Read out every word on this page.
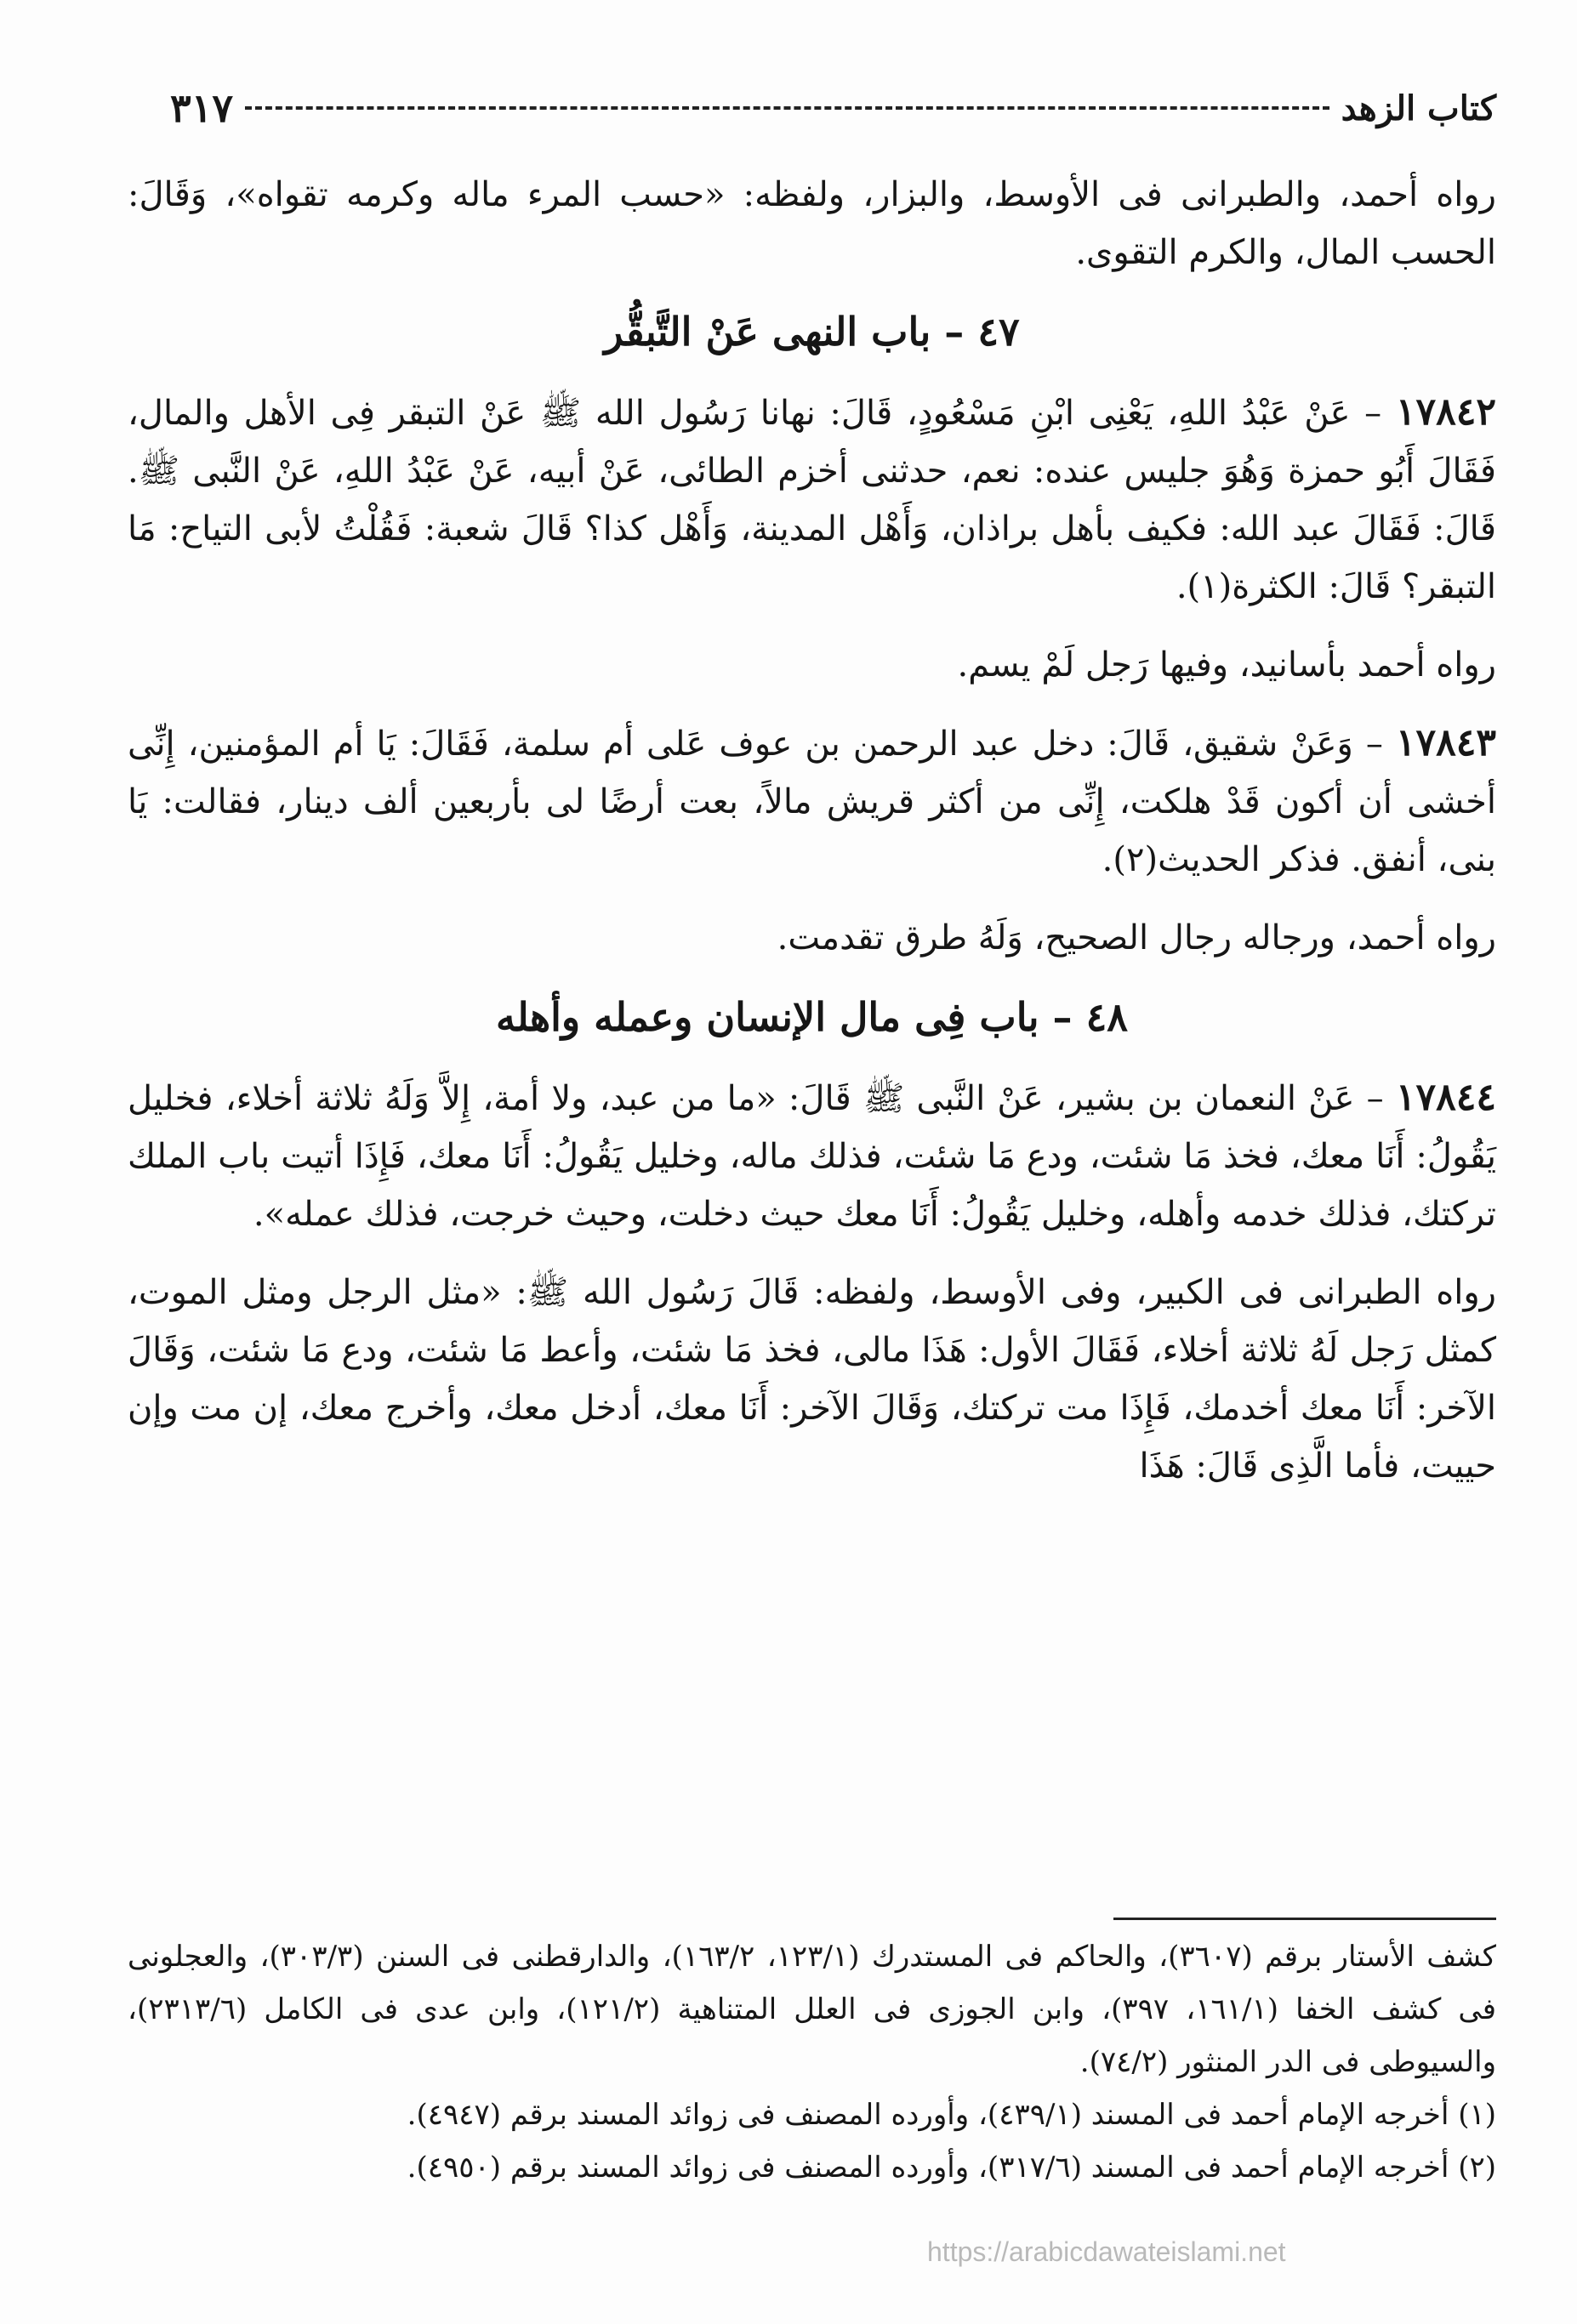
كتاب الزهد
٣١٧

رواه أحمد، والطبرانى فى الأوسط، والبزار، ولفظه: «حسب المرء ماله وكرمه تقواه»، وَقَالَ: الحسب المال، والكرم التقوى.

٤٧ – باب النهى عَنْ التَّبقُّر

١٧٨٤٢ – عَنْ عَبْدُ اللهِ، يَعْنِى ابْنِ مَسْعُودٍ، قَالَ: نهانا رَسُول الله ﷺ عَنْ التبقر فِى الأهل والمال، فَقَالَ أَبُو حمزة وَهُوَ جليس عنده: نعم، حدثنى أخزم الطائى، عَنْ أبيه، عَنْ عَبْدُ اللهِ، عَنْ النَّبى ﷺ. قَالَ: فَقَالَ عبد الله: فكيف بأهل براذان، وَأَهْل المدينة، وَأَهْل كذا؟ قَالَ شعبة: فَقُلْتُ لأبى التياح: مَا التبقر؟ قَالَ: الكثرة(١).

رواه أحمد بأسانيد، وفيها رَجل لَمْ يسم.

١٧٨٤٣ – وَعَنْ شقيق، قَالَ: دخل عبد الرحمن بن عوف عَلى أم سلمة، فَقَالَ: يَا أم المؤمنين، إِنِّى أخشى أن أكون قَدْ هلكت، إِنِّى من أكثر قريش مالاً، بعت أرضًا لى بأربعين ألف دينار، فقالت: يَا بنى، أنفق. فذكر الحديث(٢).

رواه أحمد، ورجاله رجال الصحيح، وَلَهُ طرق تقدمت.

٤٨ – باب فِى مال الإنسان وعمله وأهله

١٧٨٤٤ – عَنْ النعمان بن بشير، عَنْ النَّبى ﷺ قَالَ: «ما من عبد، ولا أمة، إِلاَّ وَلَهُ ثلاثة أخلاء، فخليل يَقُولُ: أَنَا معك، فخذ مَا شئت، ودع مَا شئت، فذلك ماله، وخليل يَقُولُ: أَنَا معك، فَإِذَا أتيت باب الملك تركتك، فذلك خدمه وأهله، وخليل يَقُولُ: أَنَا معك حيث دخلت، وحيث خرجت، فذلك عمله».

رواه الطبرانى فى الكبير، وفى الأوسط، ولفظه: قَالَ رَسُول الله ﷺ: «مثل الرجل ومثل الموت، كمثل رَجل لَهُ ثلاثة أخلاء، فَقَالَ الأول: هَذَا مالى، فخذ مَا شئت، وأعط مَا شئت، ودع مَا شئت، وَقَالَ الآخر: أَنَا معك أخدمك، فَإِذَا مت تركتك، وَقَالَ الآخر: أَنَا معك، أدخل معك، وأخرج معك، إن مت وإن حييت، فأما الَّذِى قَالَ: هَذَا

كشف الأستار برقم (٣٦٠٧)، والحاكم فى المستدرك (١٢٣/١، ١٦٣/٢)، والدارقطنى فى السنن (٣٠٣/٣)، والعجلونى فى كشف الخفا (١٦١/١، ٣٩٧)، وابن الجوزى فى العلل المتناهية (١٢١/٢)، وابن عدى فى الكامل (٢٣١٣/٦)، والسيوطى فى الدر المنثور (٧٤/٢).

(١) أخرجه الإمام أحمد فى المسند (٤٣٩/١)، وأورده المصنف فى زوائد المسند برقم (٤٩٤٧).

(٢) أخرجه الإمام أحمد فى المسند (٣١٧/٦)، وأورده المصنف فى زوائد المسند برقم (٤٩٥٠).

https://arabicdawateislami.net
